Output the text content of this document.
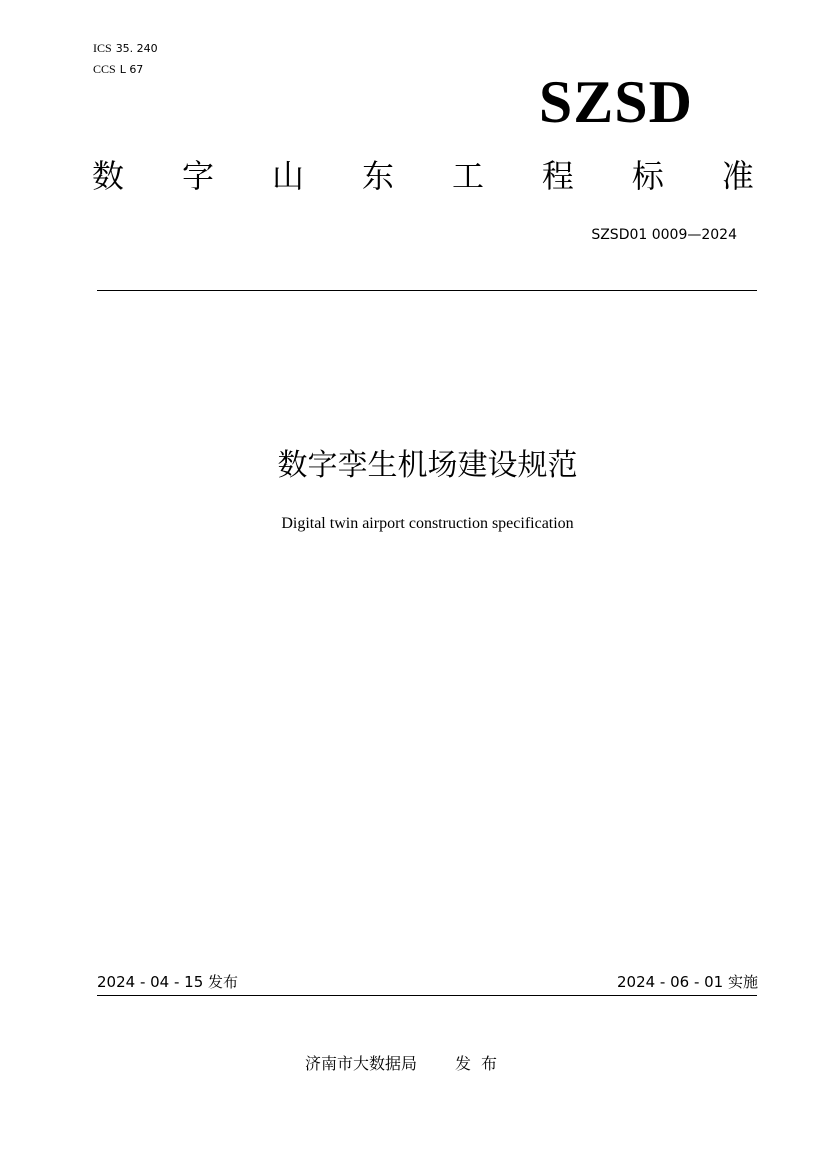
ICS 35. 240
CCS L 67	SZSD
数 字 山 东 工 程 标 准
SZSD01 0009—2024
数字孪生机场建设规范
Digital twin airport construction specification
2024 - 04 - 15 发布	2024 - 06 - 01 实施
济南市大数据局 发布
